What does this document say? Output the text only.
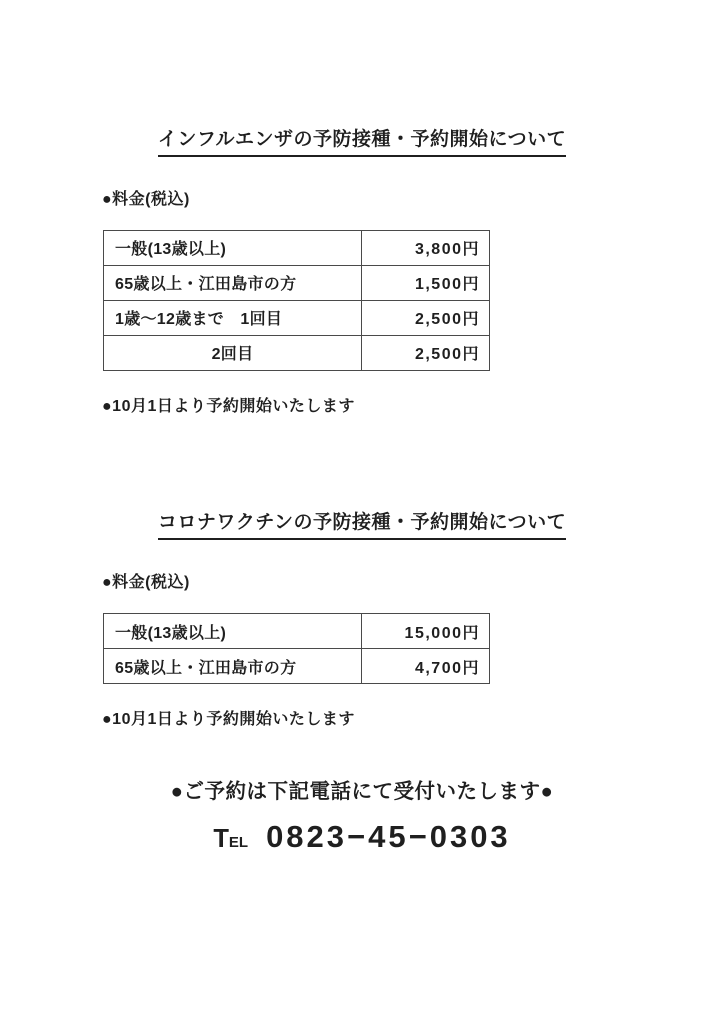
インフルエンザの予防接種・予約開始について
●料金(税込)
一般(13歳以上)	3,800円
65歳以上・江田島市の方	1,500円
1歳～12歳まで　1回目	2,500円
2回目	2,500円
●10月1日より予約開始いたします
コロナワクチンの予防接種・予約開始について
●料金(税込)
一般(13歳以上)	15,000円
65歳以上・江田島市の方	4,700円
●10月1日より予約開始いたします
●ご予約は下記電話にて受付いたします●
TEL 0823−45−0303
